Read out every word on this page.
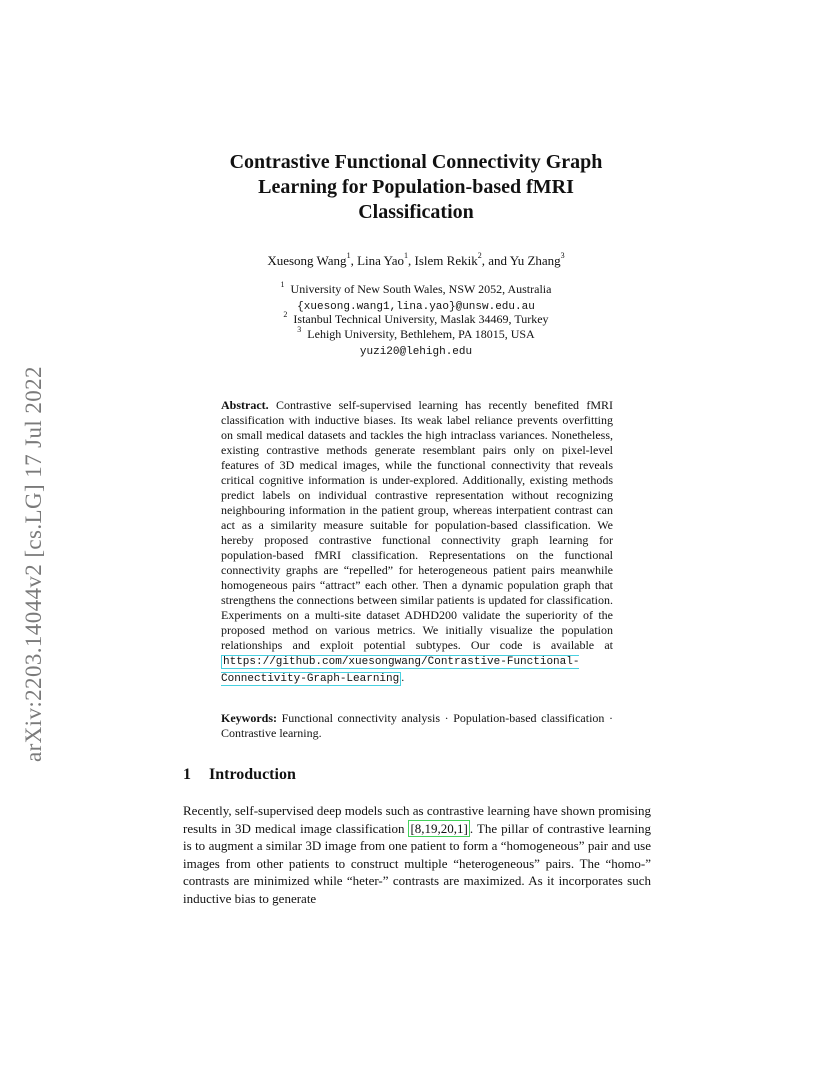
arXiv:2203.14044v2 [cs.LG] 17 Jul 2022
Contrastive Functional Connectivity Graph
Learning for Population-based fMRI
Classification
Xuesong Wang$^1$, Lina Yao$^1$, Islem Rekik$^2$, and Yu Zhang$^3$
$^1$ University of New South Wales, NSW 2052, Australia
{xuesong.wang1,lina.yao}@unsw.edu.au
$^2$ Istanbul Technical University, Maslak 34469, Turkey
$^3$ Lehigh University, Bethlehem, PA 18015, USA
yuzi20@lehigh.edu
Abstract. Contrastive self-supervised learning has recently benefited fMRI classification with inductive biases. Its weak label reliance prevents overfitting on small medical datasets and tackles the high intraclass variances. Nonetheless, existing contrastive methods generate resemblant pairs only on pixel-level features of 3D medical images, while the functional connectivity that reveals critical cognitive information is under-explored. Additionally, existing methods predict labels on individual contrastive representation without recognizing neighbouring information in the patient group, whereas interpatient contrast can act as a similarity measure suitable for population-based classification. We hereby proposed contrastive functional connectivity graph learning for population-based fMRI classification. Representations on the functional connectivity graphs are “repelled” for heterogeneous patient pairs meanwhile homogeneous pairs “attract” each other. Then a dynamic population graph that strengthens the connections between similar patients is updated for classification. Experiments on a multi-site dataset ADHD200 validate the superiority of the proposed method on various metrics. We initially visualize the population relationships and exploit potential subtypes. Our code is available at https://github.com/xuesongwang/Contrastive-Functional-Connectivity-Graph-Learning .
Keywords: Functional connectivity analysis · Population-based classification · Contrastive learning.
1 Introduction
Recently, self-supervised deep models such as contrastive learning have shown promising results in 3D medical image classification [8,19,20,1] . The pillar of contrastive learning is to augment a similar 3D image from one patient to form a “homogeneous” pair and use images from other patients to construct multiple “heterogeneous” pairs. The “homo-” contrasts are minimized while “heter-” contrasts are maximized. As it incorporates such inductive bias to generate
